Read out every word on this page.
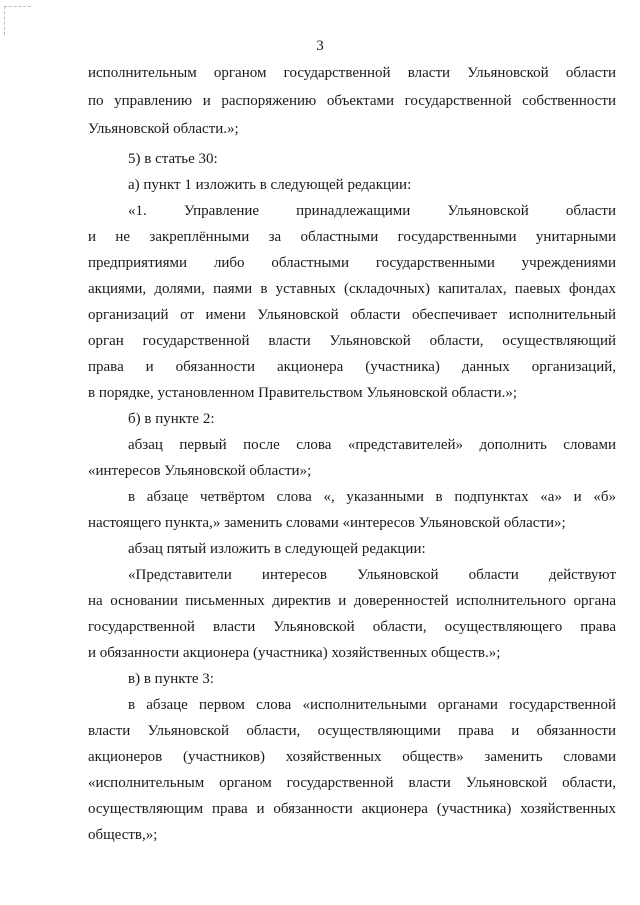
3
исполнительным органом государственной власти Ульяновской области
по управлению и распоряжению объектами государственной собственности
Ульяновской области.»;
5) в статье 30:
а) пункт 1 изложить в следующей редакции:
«1. Управление принадлежащими Ульяновской области
и не закреплёнными за областными государственными унитарными
предприятиями либо областными государственными учреждениями
акциями, долями, паями в уставных (складочных) капиталах, паевых фондах
организаций от имени Ульяновской области обеспечивает исполнительный
орган государственной власти Ульяновской области, осуществляющий
права и обязанности акционера (участника) данных организаций,
в порядке, установленном Правительством Ульяновской области.»;
б) в пункте 2:
абзац первый после слова «представителей» дополнить словами
«интересов Ульяновской области»;
в абзаце четвёртом слова «, указанными в подпунктах «а» и «б»
настоящего пункта,» заменить словами «интересов Ульяновской области»;
абзац пятый изложить в следующей редакции:
«Представители интересов Ульяновской области действуют
на основании письменных директив и доверенностей исполнительного органа
государственной власти Ульяновской области, осуществляющего права
и обязанности акционера (участника) хозяйственных обществ.»;
в) в пункте 3:
в абзаце первом слова «исполнительными органами государственной
власти Ульяновской области, осуществляющими права и обязанности
акционеров (участников) хозяйственных обществ» заменить словами
«исполнительным органом государственной власти Ульяновской области,
осуществляющим права и обязанности акционера (участника) хозяйственных
обществ,»;
